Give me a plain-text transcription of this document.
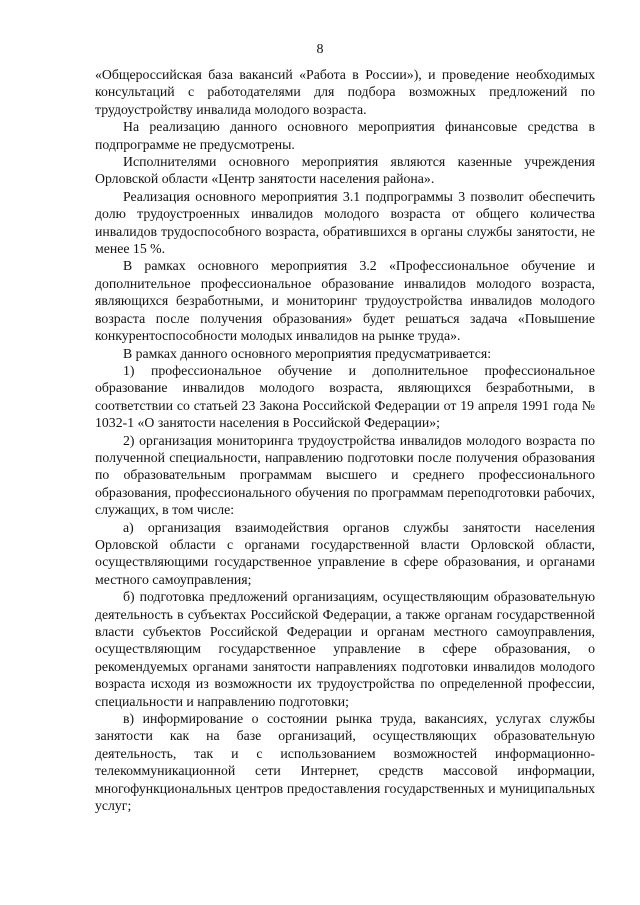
8

«Общероссийская база вакансий «Работа в России»), и проведение необходимых консультаций с работодателями для подбора возможных предложений по трудоустройству инвалида молодого возраста.

На реализацию данного основного мероприятия финансовые средства в подпрограмме не предусмотрены.

Исполнителями основного мероприятия являются казенные учреждения Орловской области «Центр занятости населения района».

Реализация основного мероприятия 3.1 подпрограммы 3 позволит обеспечить долю трудоустроенных инвалидов молодого возраста от общего количества инвалидов трудоспособного возраста, обратившихся в органы службы занятости, не менее 15 %.

В рамках основного мероприятия 3.2 «Профессиональное обучение и дополнительное профессиональное образование инвалидов молодого возраста, являющихся безработными, и мониторинг трудоустройства инвалидов молодого возраста после получения образования» будет решаться задача «Повышение конкурентоспособности молодых инвалидов на рынке труда».

В рамках данного основного мероприятия предусматривается:

1) профессиональное обучение и дополнительное профессиональное образование инвалидов молодого возраста, являющихся безработными, в соответствии со статьей 23 Закона Российской Федерации от 19 апреля 1991 года № 1032-1 «О занятости населения в Российской Федерации»;

2) организация мониторинга трудоустройства инвалидов молодого возраста по полученной специальности, направлению подготовки после получения образования по образовательным программам высшего и среднего профессионального образования, профессионального обучения по программам переподготовки рабочих, служащих, в том числе:

а) организация взаимодействия органов службы занятости населения Орловской области с органами государственной власти Орловской области, осуществляющими государственное управление в сфере образования, и органами местного самоуправления;

б) подготовка предложений организациям, осуществляющим образовательную деятельность в субъектах Российской Федерации, а также органам государственной власти субъектов Российской Федерации и органам местного самоуправления, осуществляющим государственное управление в сфере образования, о рекомендуемых органами занятости направлениях подготовки инвалидов молодого возраста исходя из возможности их трудоустройства по определенной профессии, специальности и направлению подготовки;

в) информирование о состоянии рынка труда, вакансиях, услугах службы занятости как на базе организаций, осуществляющих образовательную деятельность, так и с использованием возможностей информационно-телекоммуникационной сети Интернет, средств массовой информации, многофункциональных центров предоставления государственных и муниципальных услуг;
